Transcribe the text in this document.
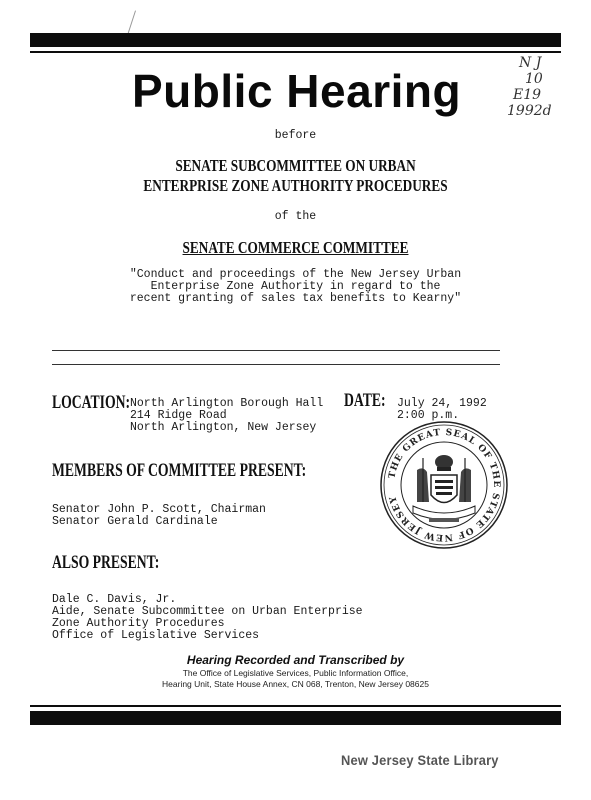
Public Hearing
N J
10
E19
1992d
before
SENATE SUBCOMMITTEE ON URBAN
ENTERPRISE ZONE AUTHORITY PROCEDURES
of the
SENATE COMMERCE COMMITTEE
"Conduct and proceedings of the New Jersey Urban
Enterprise Zone Authority in regard to the
recent granting of sales tax benefits to Kearny"
LOCATION: North Arlington Borough Hall
214 Ridge Road
North Arlington, New Jersey
DATE: July 24, 1992
2:00 p.m.
THE GREAT SEAL OF THE STATE OF NEW JERSEY
MEMBERS OF COMMITTEE PRESENT:
Senator John P. Scott, Chairman
Senator Gerald Cardinale
ALSO PRESENT:
Dale C. Davis, Jr.
Aide, Senate Subcommittee on Urban Enterprise
Zone Authority Procedures
Office of Legislative Services
Hearing Recorded and Transcribed by
The Office of Legislative Services, Public Information Office,
Hearing Unit, State House Annex, CN 068, Trenton, New Jersey 08625
New Jersey State Library
